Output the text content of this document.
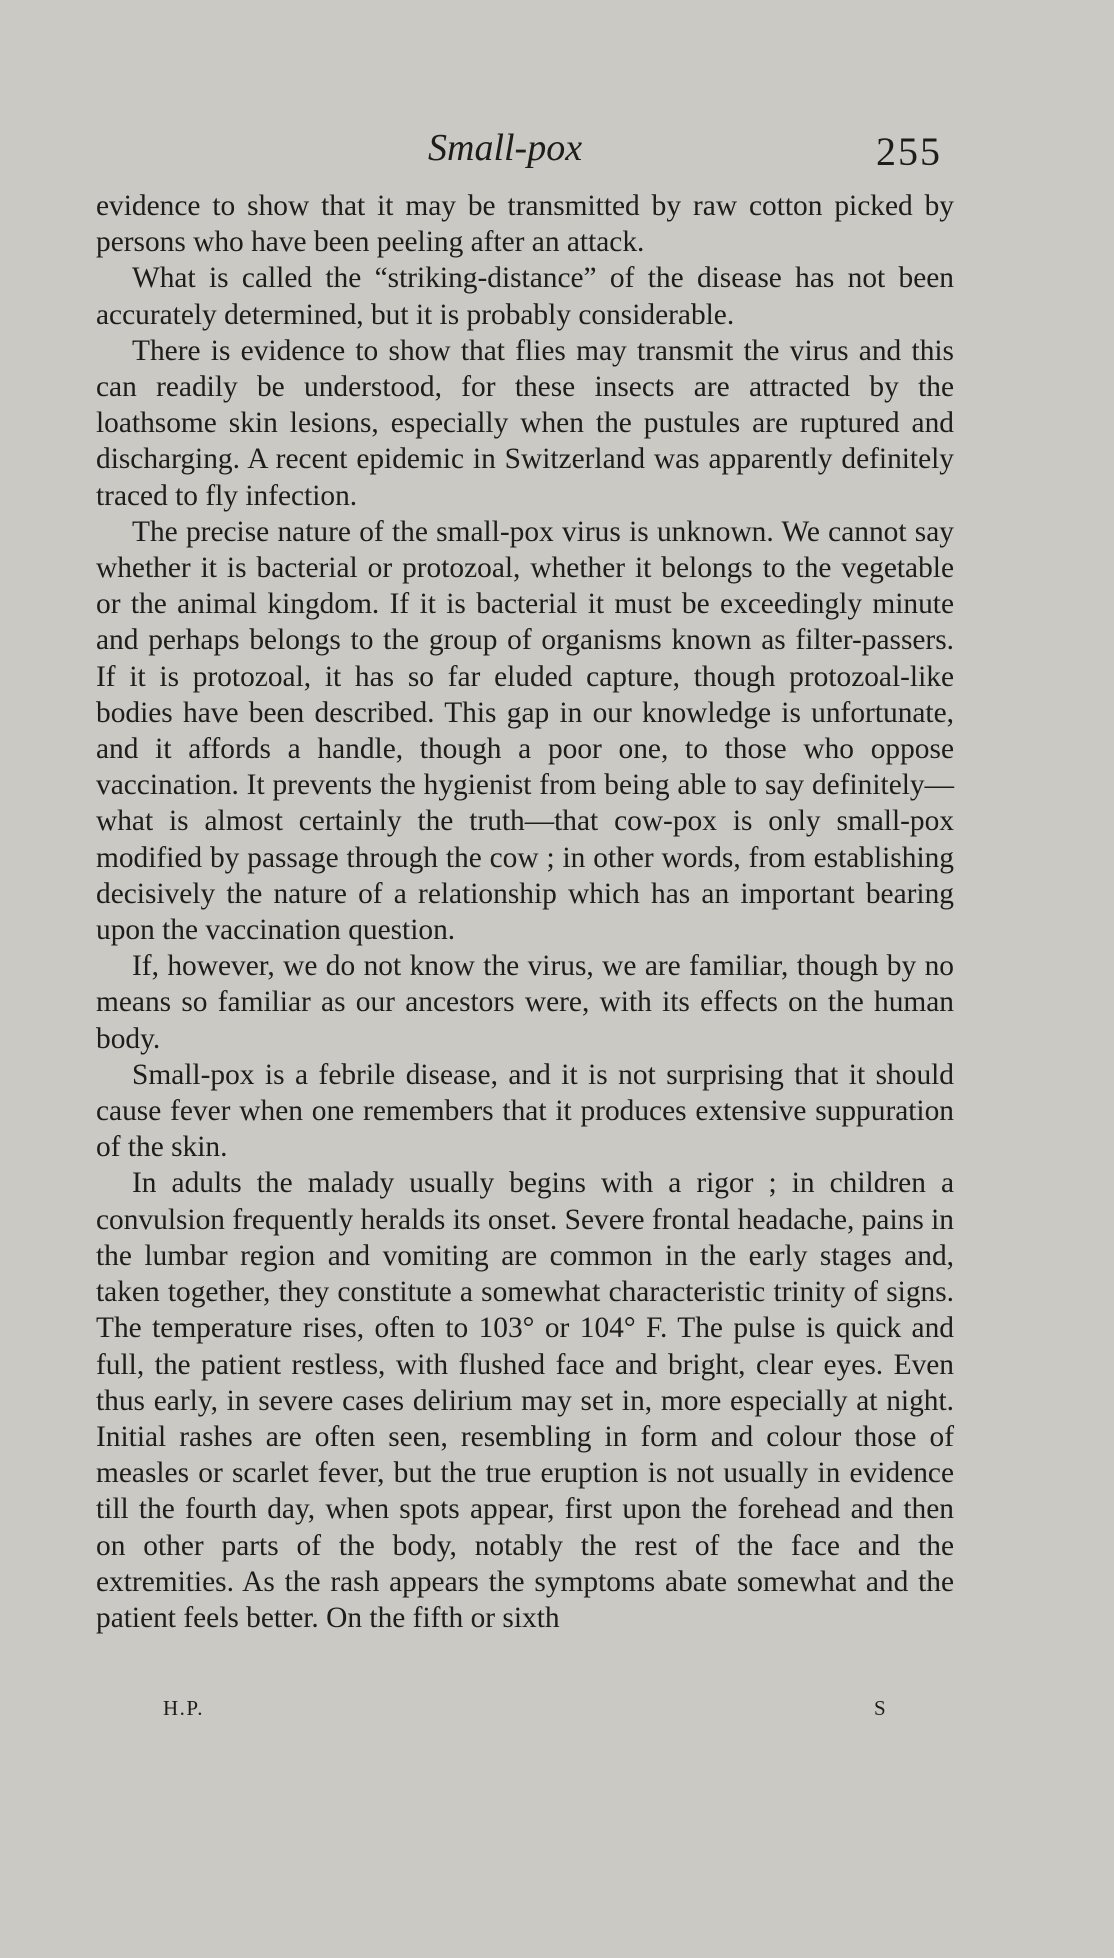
Small-pox	255

evidence to show that it may be transmitted by raw cotton picked by persons who have been peeling after an attack.

What is called the “striking-distance” of the disease has not been accurately determined, but it is probably considerable.

There is evidence to show that flies may transmit the virus and this can readily be understood, for these insects are attracted by the loathsome skin lesions, especially when the pustules are ruptured and discharging. A recent epidemic in Switzerland was apparently definitely traced to fly infection.

The precise nature of the small-pox virus is unknown. We cannot say whether it is bacterial or protozoal, whether it belongs to the vegetable or the animal kingdom. If it is bacterial it must be exceedingly minute and perhaps belongs to the group of organisms known as filter-passers. If it is protozoal, it has so far eluded capture, though protozoal-like bodies have been described. This gap in our knowledge is unfortunate, and it affords a handle, though a poor one, to those who oppose vaccination. It prevents the hygienist from being able to say definitely—what is almost certainly the truth—that cow-pox is only small-pox modified by passage through the cow ; in other words, from establishing decisively the nature of a relationship which has an important bearing upon the vaccination question.

If, however, we do not know the virus, we are familiar, though by no means so familiar as our ancestors were, with its effects on the human body.

Small-pox is a febrile disease, and it is not surprising that it should cause fever when one remembers that it produces extensive suppuration of the skin.

In adults the malady usually begins with a rigor ; in children a convulsion frequently heralds its onset. Severe frontal headache, pains in the lumbar region and vomiting are common in the early stages and, taken together, they constitute a somewhat characteristic trinity of signs. The temperature rises, often to 103° or 104° F. The pulse is quick and full, the patient restless, with flushed face and bright, clear eyes. Even thus early, in severe cases delirium may set in, more especially at night. Initial rashes are often seen, resembling in form and colour those of measles or scarlet fever, but the true eruption is not usually in evidence till the fourth day, when spots appear, first upon the forehead and then on other parts of the body, notably the rest of the face and the extremities. As the rash appears the symptoms abate somewhat and the patient feels better. On the fifth or sixth

H.P.	S
